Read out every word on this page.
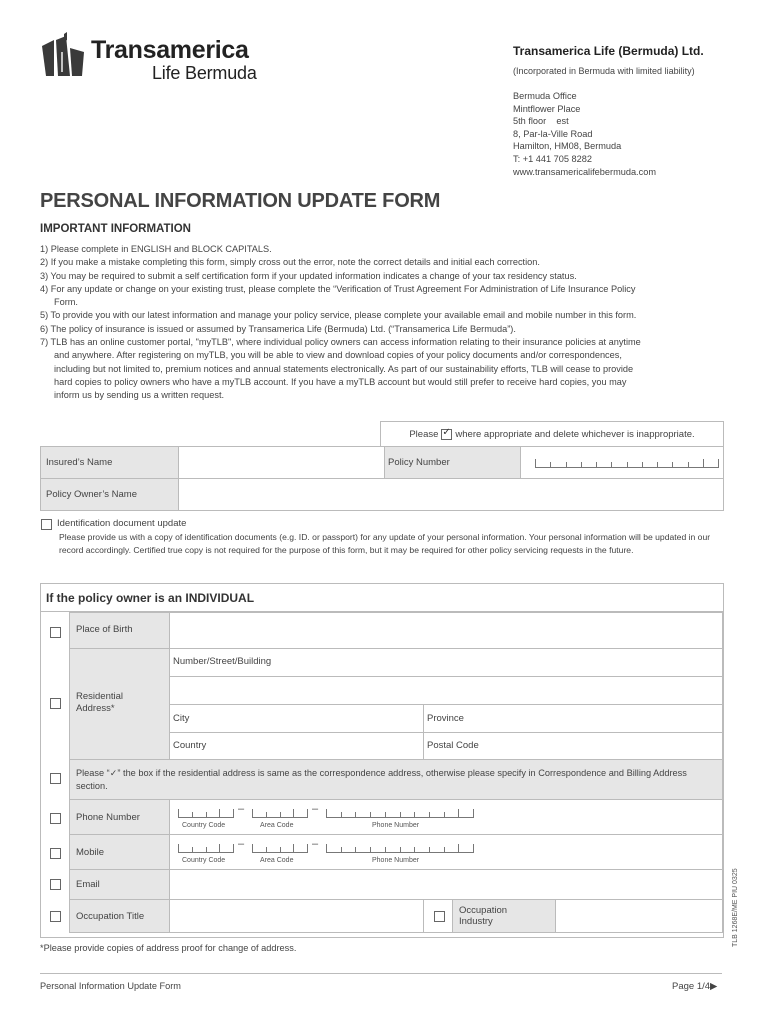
Transamerica
Life Bermuda
Transamerica Life (Bermuda) Ltd.
(Incorporated in Bermuda with limited liability)
Bermuda Office
Mintflower Place
5th floor    est
8, Par-la-Ville Road
Hamilton, HM08, Bermuda
T: +1 441 705 8282
www.transamericalifebermuda.com
PERSONAL INFORMATION UPDATE FORM
IMPORTANT INFORMATION
1) Please complete in ENGLISH and BLOCK CAPITALS.
2) If you make a mistake completing this form, simply cross out the error, note the correct details and initial each correction.
3) You may be required to submit a self certification form if your updated information indicates a change of your tax residency status.
4) For any update or change on your existing trust, please complete the “Verification of Trust Agreement For Administration of Life Insurance Policy
Form.
5) To provide you with our latest information and manage your policy service, please complete your available email and mobile number in this form.
6) The policy of insurance is issued or assumed by Transamerica Life (Bermuda) Ltd. (“Transamerica Life Bermuda”).
7) TLB has an online customer portal, "myTLB", where individual policy owners can access information relating to their insurance policies at anytime
and anywhere. After registering on myTLB, you will be able to view and download copies of your policy documents and/or correspondences,
including but not limited to, premium notices and annual statements electronically. As part of our sustainability efforts, TLB will cease to provide
hard copies to policy owners who have a myTLB account. If you have a myTLB account but would still prefer to receive hard copies, you may
inform us by sending us a written request.
Please
✓ where appropriate and delete whichever is inappropriate.
Insured’s Name	Policy Number
Policy Owner’s Name
Identification document update
Please provide us with a copy of identification documents (e.g. ID. or passport) for any update of your personal information. Your personal information will be updated in our record accordingly. Certified true copy is not required for the purpose of this form, but it may be required for other policy servicing requests in the future.
If the policy owner is an INDIVIDUAL
Place of Birth
Residential Address*
Number/Street/Building
City	Province
Country	Postal Code
Please “✓” the box if the residential address is same as the correspondence address, otherwise please specify in Correspondence and Billing Address section.
Phone Number
–	–
Country Code	Area Code	Phone Number
Mobile
–	–
Country Code	Area Code	Phone Number
Email
Occupation Title
Occupation Industry	TLB 1268E/ME PIU 0325
*Please provide copies of address proof for change of address.
Personal Information Update Form	Page 1/4▶
